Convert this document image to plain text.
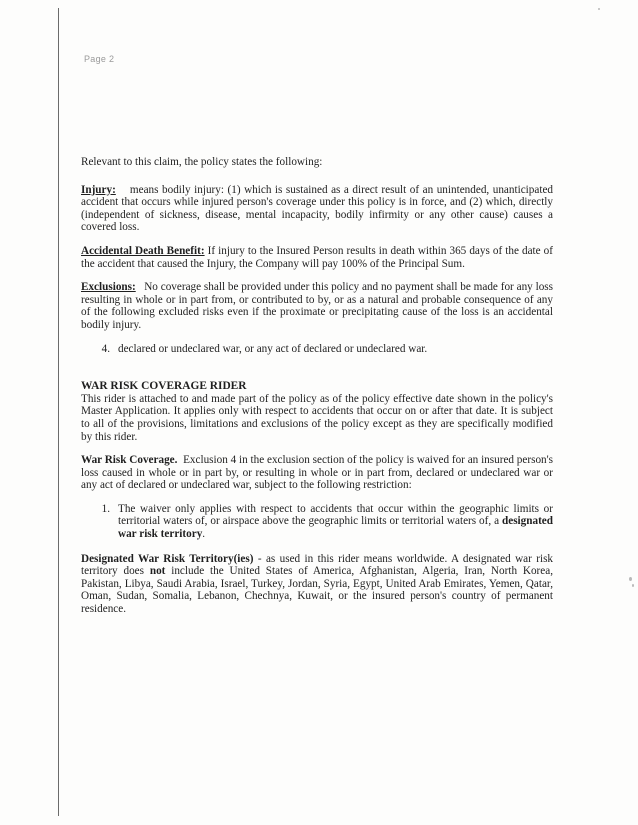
Page 2

Relevant to this claim, the policy states the following:

Injury: means bodily injury: (1) which is sustained as a direct result of an unintended, unanticipated accident that occurs while injured person's coverage under this policy is in force, and (2) which, directly (independent of sickness, disease, mental incapacity, bodily infirmity or any other cause) causes a covered loss.

Accidental Death Benefit: If injury to the Insured Person results in death within 365 days of the date of the accident that caused the Injury, the Company will pay 100% of the Principal Sum.

Exclusions: No coverage shall be provided under this policy and no payment shall be made for any loss resulting in whole or in part from, or contributed to by, or as a natural and probable consequence of any of the following excluded risks even if the proximate or precipitating cause of the loss is an accidental bodily injury.

4. declared or undeclared war, or any act of declared or undeclared war.

WAR RISK COVERAGE RIDER

This rider is attached to and made part of the policy as of the policy effective date shown in the policy's Master Application. It applies only with respect to accidents that occur on or after that date. It is subject to all of the provisions, limitations and exclusions of the policy except as they are specifically modified by this rider.

War Risk Coverage. Exclusion 4 in the exclusion section of the policy is waived for an insured person's loss caused in whole or in part by, or resulting in whole or in part from, declared or undeclared war or any act of declared or undeclared war, subject to the following restriction:

1. The waiver only applies with respect to accidents that occur within the geographic limits or territorial waters of, or airspace above the geographic limits or territorial waters of, a designated war risk territory.

Designated War Risk Territory(ies) - as used in this rider means worldwide. A designated war risk territory does not include the United States of America, Afghanistan, Algeria, Iran, North Korea, Pakistan, Libya, Saudi Arabia, Israel, Turkey, Jordan, Syria, Egypt, United Arab Emirates, Yemen, Qatar, Oman, Sudan, Somalia, Lebanon, Chechnya, Kuwait, or the insured person's country of permanent residence.
